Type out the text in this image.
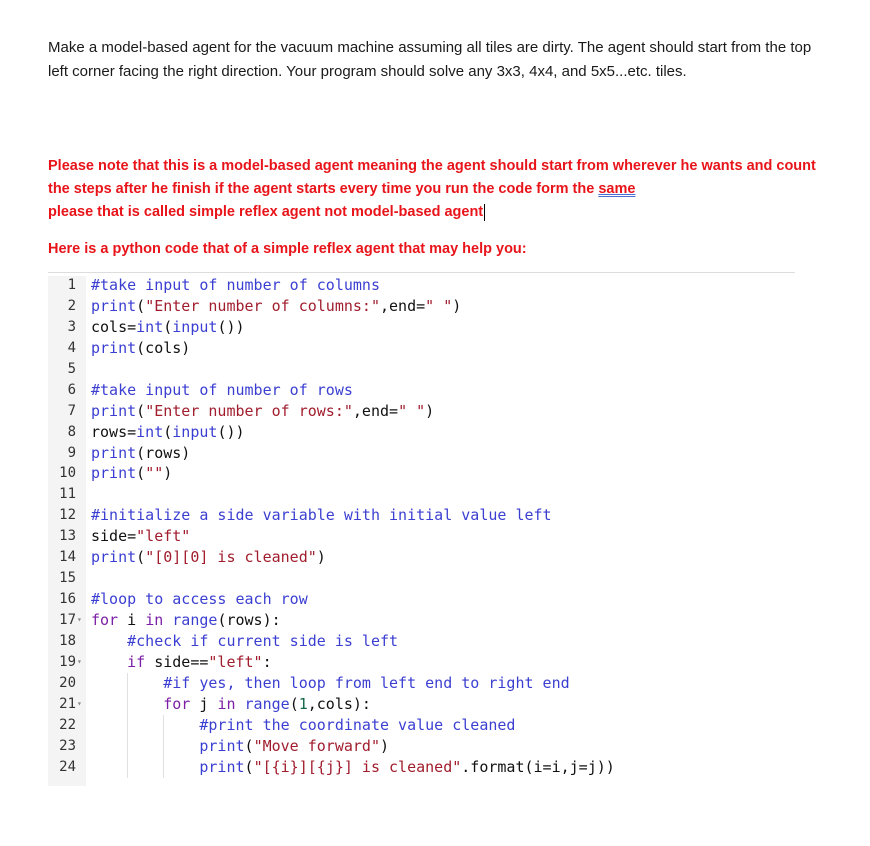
Make a model-based agent for the vacuum machine assuming all tiles are dirty. The agent should start from the top left corner facing the right direction. Your program should solve any 3x3, 4x4, and 5x5...etc. tiles.
Please note that this is a model-based agent meaning the agent should start from wherever he wants and count the steps after he finish if the agent starts every time you run the code form the same
please that is called simple reflex agent not model-based agent
Here is a python code that of a simple reflex agent that may help you:
1 #take input of number of columns
2 print("Enter number of columns:",end=" ")
3 cols=int(input())
4 print(cols)
5
6 #take input of number of rows
7 print("Enter number of rows:",end=" ")
8 rows=int(input())
9 print(rows)
10 print("")
11
12 #initialize a side variable with initial value left
13 side="left"
14 print("[0][0] is cleaned")
15
16 #loop to access each row
17 ▾ for i in range(rows):
18	#check if current side is left
19 ▾	if side=="left":
20	#if yes, then loop from left end to right end
21 ▾	for j in range(1,cols):
22	#print the coordinate value cleaned
23	print("Move forward")
24	print("[{i}][{j}] is cleaned".format(i=i,j=j))
